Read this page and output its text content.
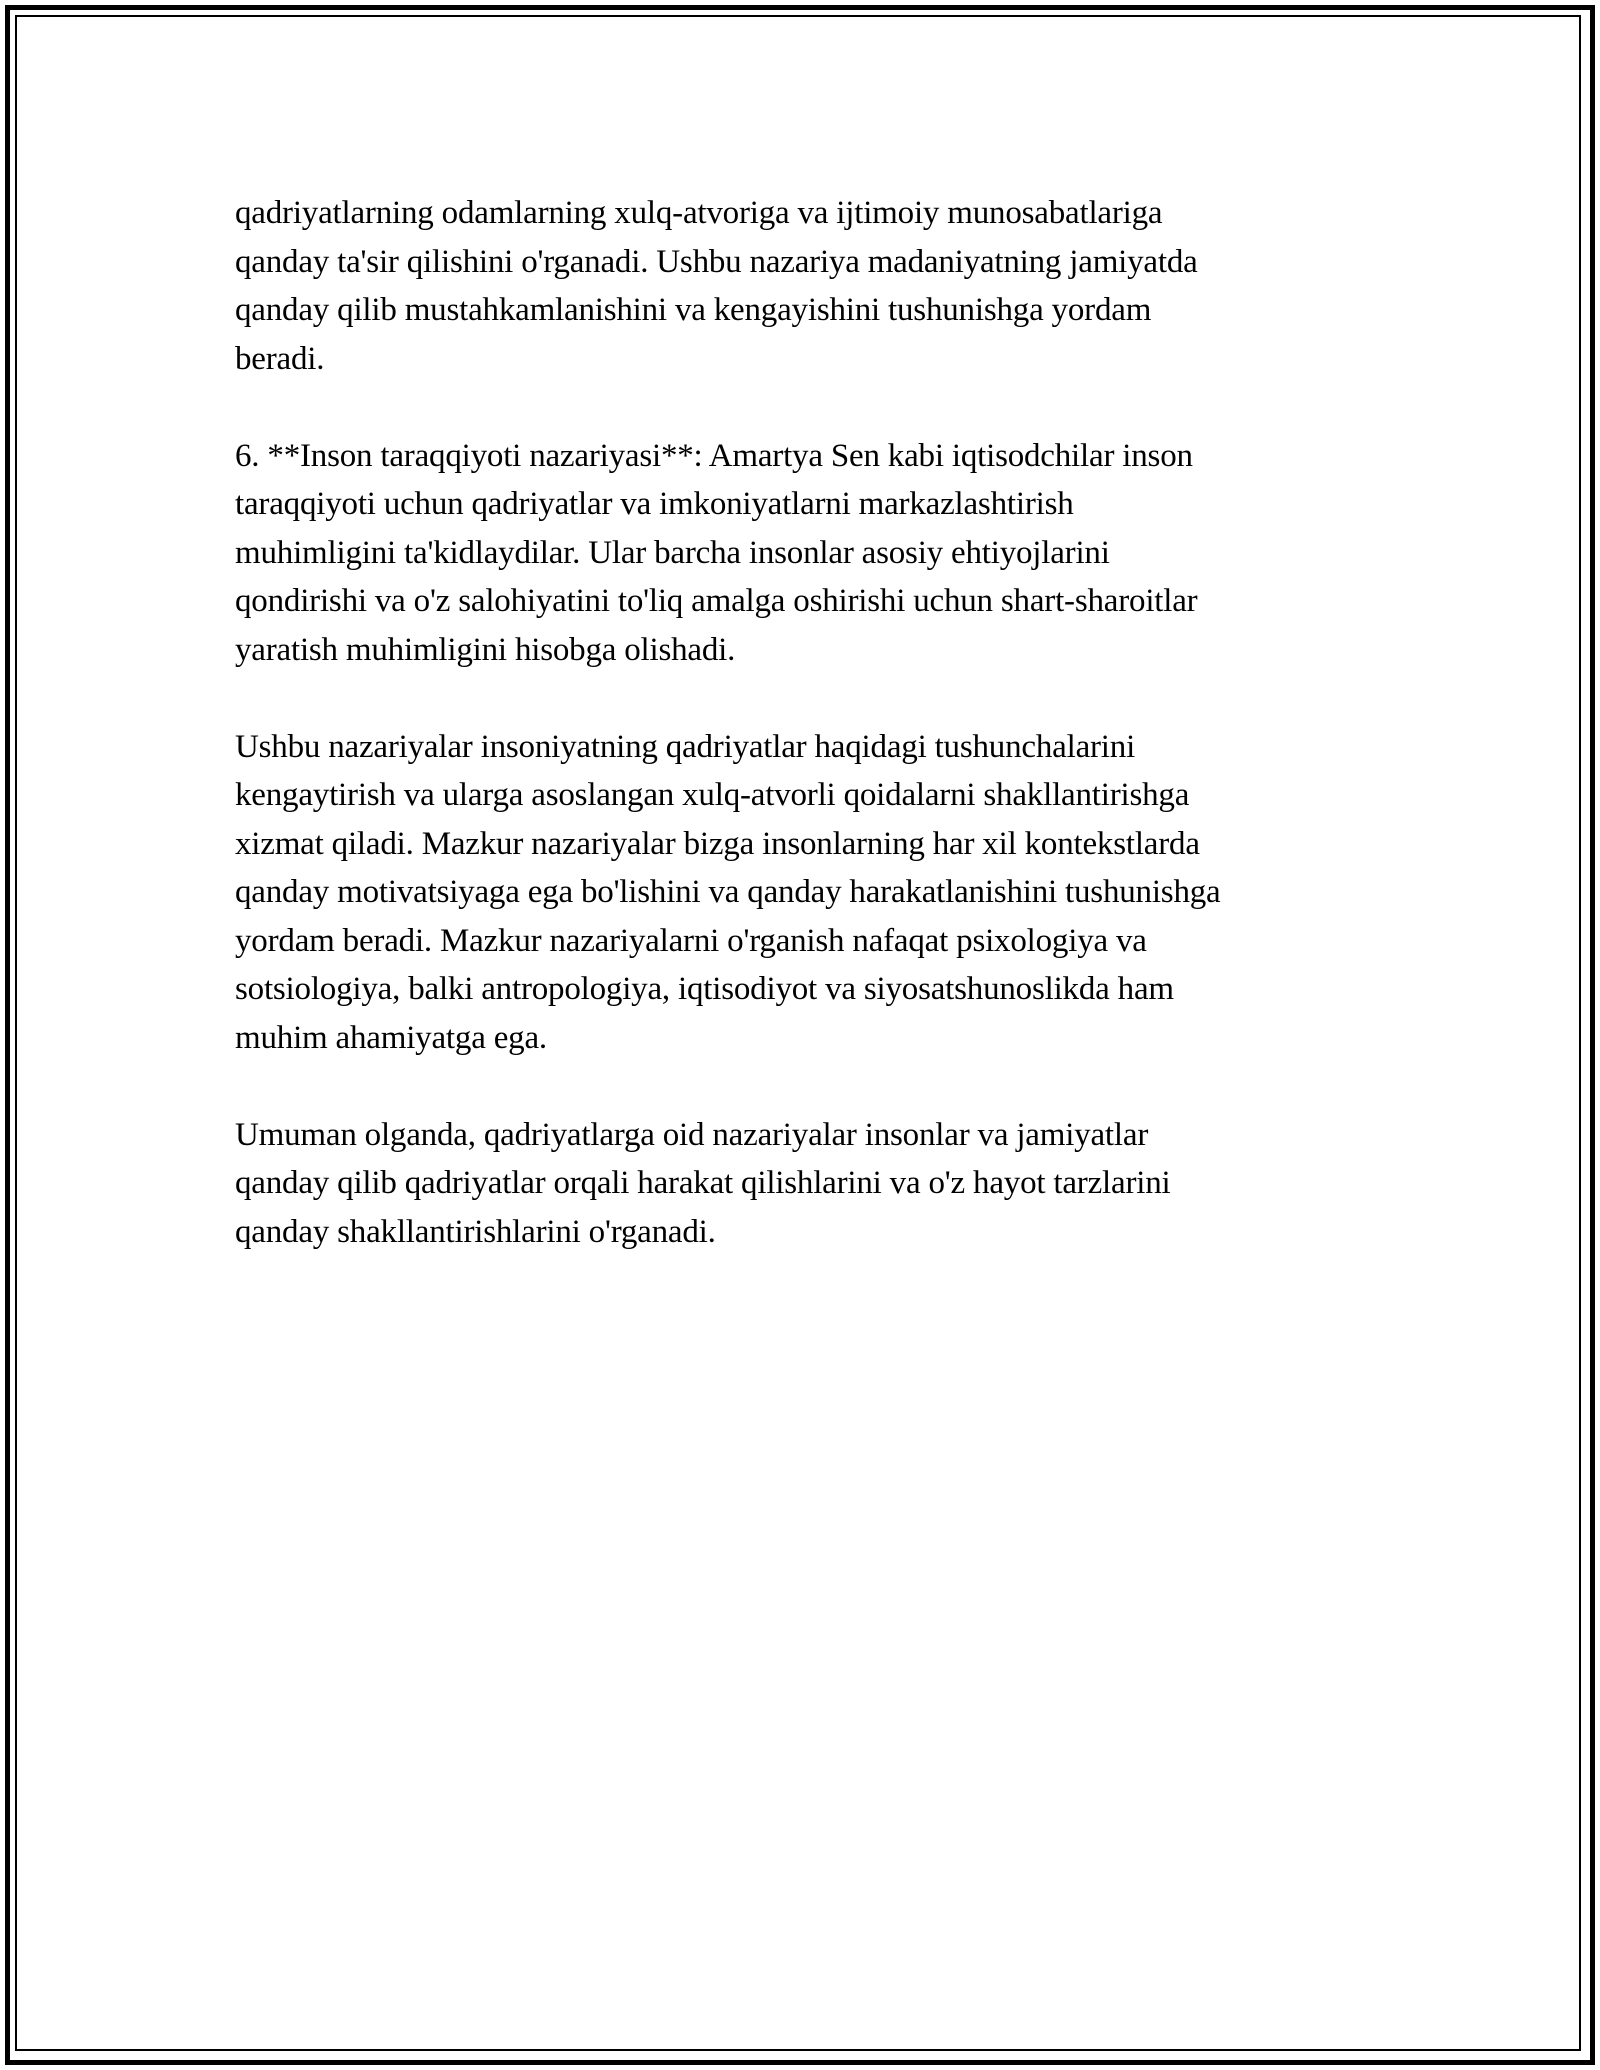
qadriyatlarning odamlarning xulq-atvoriga va ijtimoiy munosabatlariga
qanday ta'sir qilishini o'rganadi. Ushbu nazariya madaniyatning jamiyatda
qanday qilib mustahkamlanishini va kengayishini tushunishga yordam
beradi.

6. **Inson taraqqiyoti nazariyasi**: Amartya Sen kabi iqtisodchilar inson
taraqqiyoti uchun qadriyatlar va imkoniyatlarni markazlashtirish
muhimligini ta'kidlaydilar. Ular barcha insonlar asosiy ehtiyojlarini
qondirishi va o'z salohiyatini to'liq amalga oshirishi uchun shart-sharoitlar
yaratish muhimligini hisobga olishadi.

Ushbu nazariyalar insoniyatning qadriyatlar haqidagi tushunchalarini
kengaytirish va ularga asoslangan xulq-atvorli qoidalarni shakllantirishga
xizmat qiladi. Mazkur nazariyalar bizga insonlarning har xil kontekstlarda
qanday motivatsiyaga ega bo'lishini va qanday harakatlanishini tushunishga
yordam beradi. Mazkur nazariyalarni o'rganish nafaqat psixologiya va
sotsiologiya, balki antropologiya, iqtisodiyot va siyosatshunoslikda ham
muhim ahamiyatga ega.

Umuman olganda, qadriyatlarga oid nazariyalar insonlar va jamiyatlar
qanday qilib qadriyatlar orqali harakat qilishlarini va o'z hayot tarzlarini
qanday shakllantirishlarini o'rganadi.
